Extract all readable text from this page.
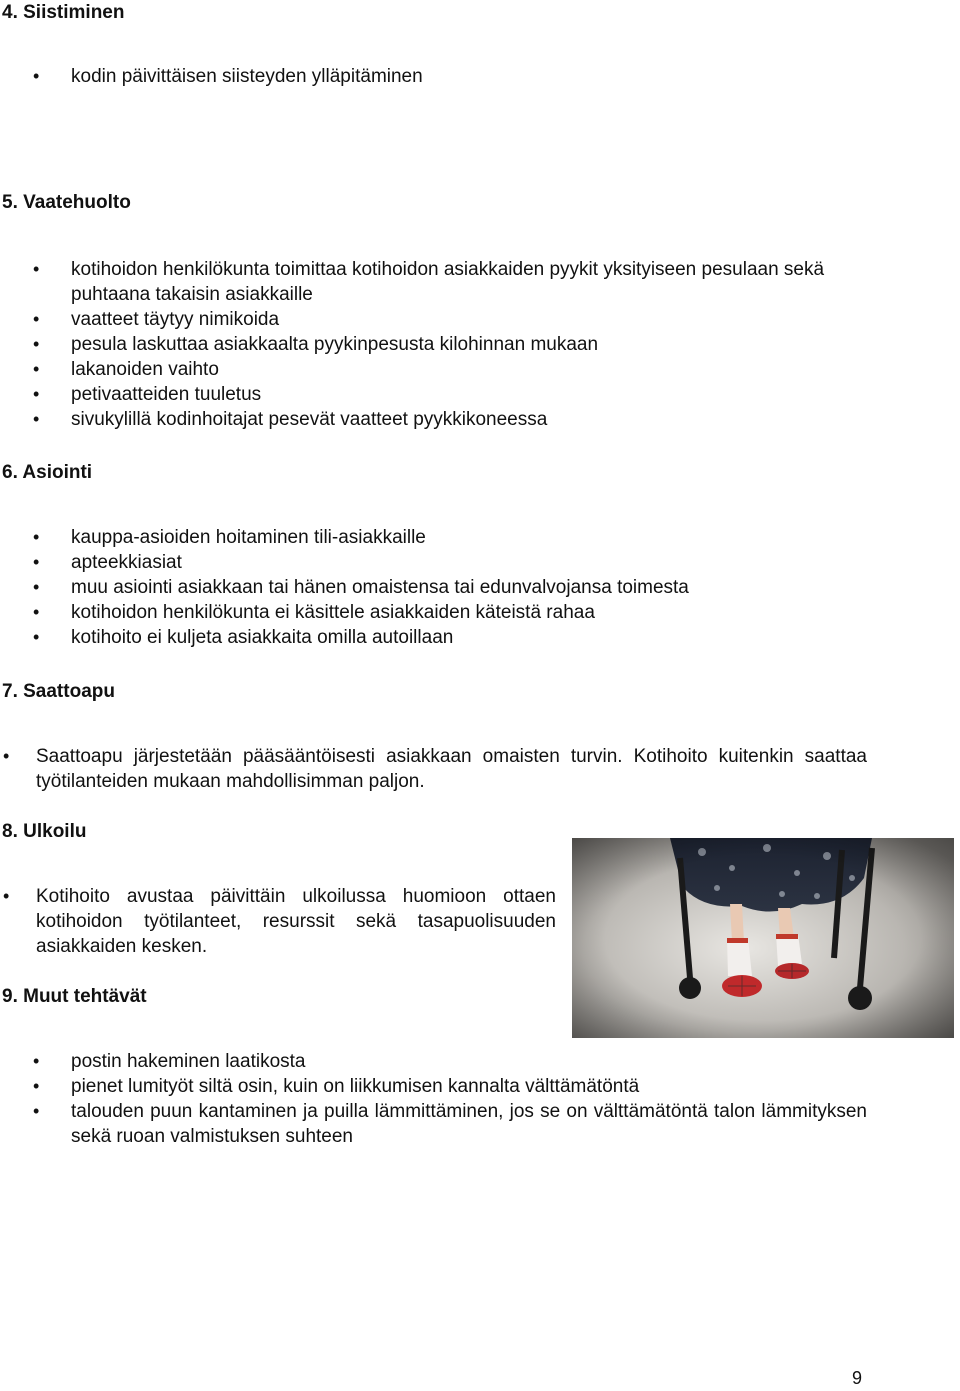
4. Siistiminen
• kodin päivittäisen siisteyden ylläpitäminen
5. Vaatehuolto
• kotihoidon henkilökunta toimittaa kotihoidon asiakkaiden pyykit yksityiseen pesulaan sekä puhtaana takaisin asiakkaille
• vaatteet täytyy nimikoida
• pesula laskuttaa asiakkaalta pyykinpesusta kilohinnan mukaan
• lakanoiden vaihto
• petivaatteiden tuuletus
• sivukylillä kodinhoitajat pesevät vaatteet pyykkikoneessa
6. Asiointi
• kauppa-asioiden hoitaminen tili-asiakkaille
• apteekkiasiat
• muu asiointi asiakkaan tai hänen omaistensa tai edunvalvojansa toimesta
• kotihoidon henkilökunta ei käsittele asiakkaiden käteistä rahaa
• kotihoito ei kuljeta asiakkaita omilla autoillaan
7. Saattoapu
• Saattoapu järjestetään pääsääntöisesti asiakkaan omaisten turvin. Kotihoito kuitenkin saattaa työtilanteiden mukaan mahdollisimman paljon.
8. Ulkoilu
• Kotihoito avustaa päivittäin ulkoilussa huomioon ottaen kotihoidon työtilanteet, resurssit sekä tasapuolisuuden asiakkaiden kesken.
9. Muut tehtävät
• postin hakeminen laatikosta
• pienet lumityöt siltä osin, kuin on liikkumisen kannalta välttämätöntä
• talouden puun kantaminen ja puilla lämmittäminen, jos se on välttämätöntä talon lämmityksen sekä ruoan valmistuksen suhteen
9
